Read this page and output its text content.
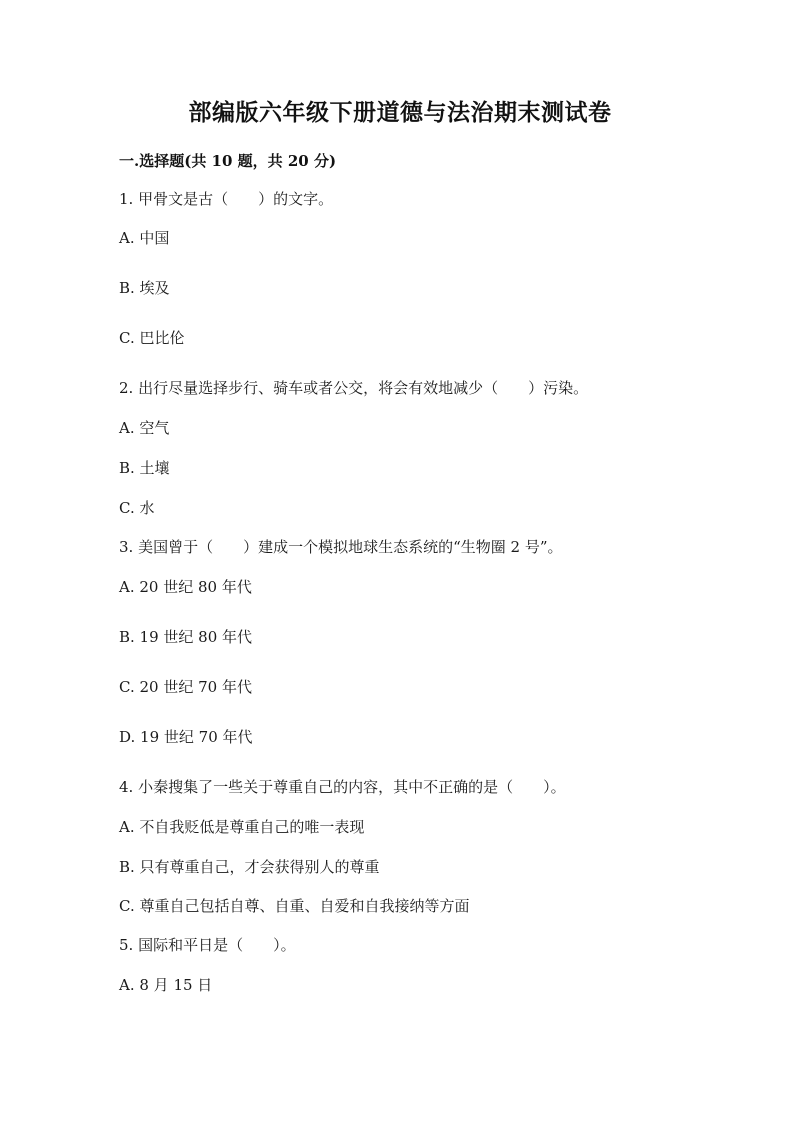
部编版六年级下册道德与法治期末测试卷
一.选择题(共 10 题，共 20 分)
1. 甲骨文是古（　　）的文字。
A. 中国
B. 埃及
C. 巴比伦
2. 出行尽量选择步行、骑车或者公交，将会有效地减少（　　）污染。
A. 空气
B. 土壤
C. 水
3. 美国曾于（　　）建成一个模拟地球生态系统的“生物圈 2 号”。
A. 20 世纪 80 年代
B. 19 世纪 80 年代
C. 20 世纪 70 年代
D. 19 世纪 70 年代
4. 小秦搜集了一些关于尊重自己的内容，其中不正确的是（　　）。
A. 不自我贬低是尊重自己的唯一表现
B. 只有尊重自己，才会获得别人的尊重
C. 尊重自己包括自尊、自重、自爱和自我接纳等方面
5. 国际和平日是（　　）。
A. 8 月 15 日
